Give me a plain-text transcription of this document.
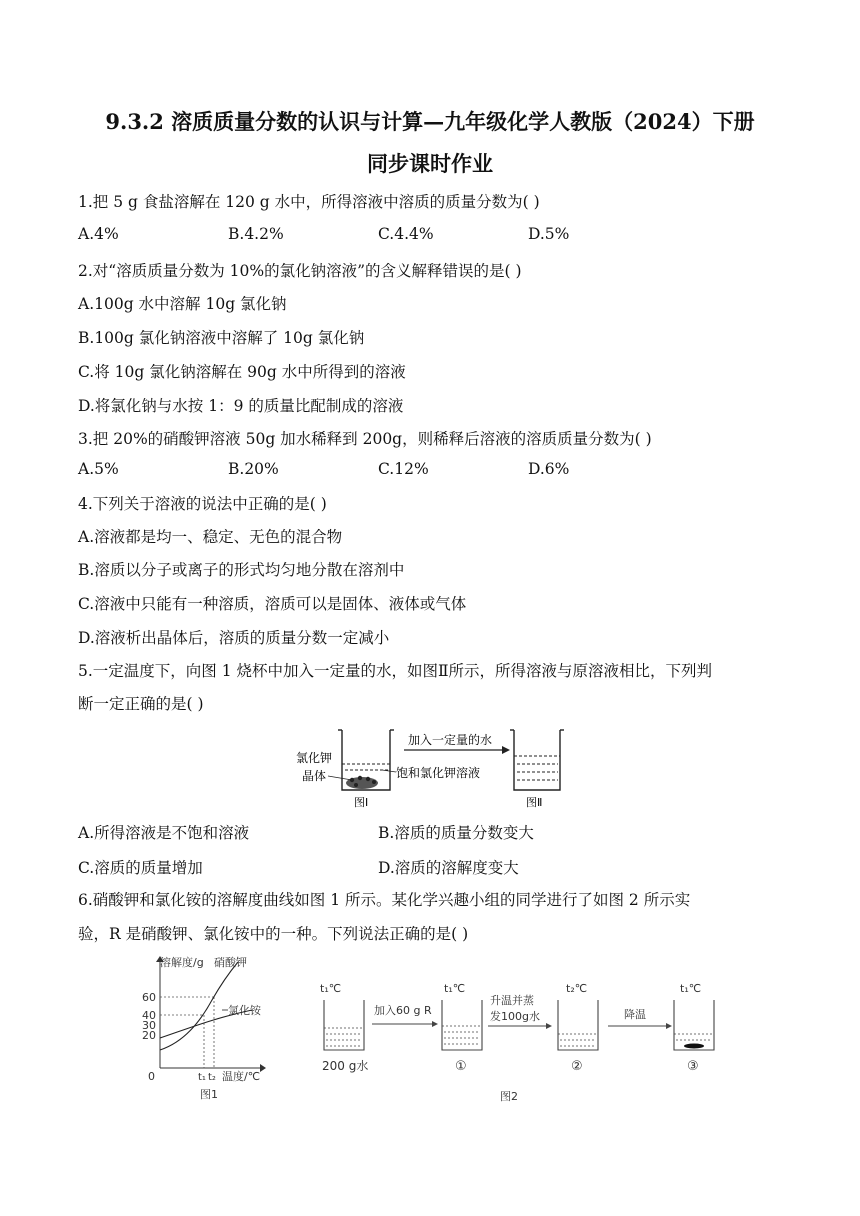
9.3.2 溶质质量分数的认识与计算—九年级化学人教版（2024）下册
同步课时作业
1.把 5 g 食盐溶解在 120 g 水中，所得溶液中溶质的质量分数为( )
A.4%	B.4.2%	C.4.4%	D.5%
2.对“溶质质量分数为 10%的氯化钠溶液”的含义解释错误的是( )
A.100g 水中溶解 10g 氯化钠
B.100g 氯化钠溶液中溶解了 10g 氯化钠
C.将 10g 氯化钠溶解在 90g 水中所得到的溶液
D.将氯化钠与水按 1：9 的质量比配制成的溶液
3.把 20%的硝酸钾溶液 50g 加水稀释到 200g，则稀释后溶液的溶质质量分数为( )
A.5%	B.20%	C.12%	D.6%
4.下列关于溶液的说法中正确的是( )
A.溶液都是均一、稳定、无色的混合物
B.溶质以分子或离子的形式均匀地分散在溶剂中
C.溶液中只能有一种溶质，溶质可以是固体、液体或气体
D.溶液析出晶体后，溶质的质量分数一定减小
5.一定温度下，向图 1 烧杯中加入一定量的水，如图Ⅱ所示，所得溶液与原溶液相比，下列判
断一定正确的是( )
氯化钾
晶体	饱和氯化钾溶液
图Ⅰ
加入一定量的水
图Ⅱ
A.所得溶液是不饱和溶液	B.溶质的质量分数变大
C.溶质的质量增加	D.溶质的溶解度变大
6.硝酸钾和氯化铵的溶解度曲线如图 1 所示。某化学兴趣小组的同学进行了如图 2 所示实
验，R 是硝酸钾、氯化铵中的一种。下列说法正确的是( )
溶解度/g 硝酸钾
氯化铵
60
40
30
20
0	t₁ t₂ 温度/℃
图1
t₁℃
200 g水
加入60 g R
t₁℃
①
升温并蒸
发100g水
t₂℃
②
降温
t₁℃
③
图2
